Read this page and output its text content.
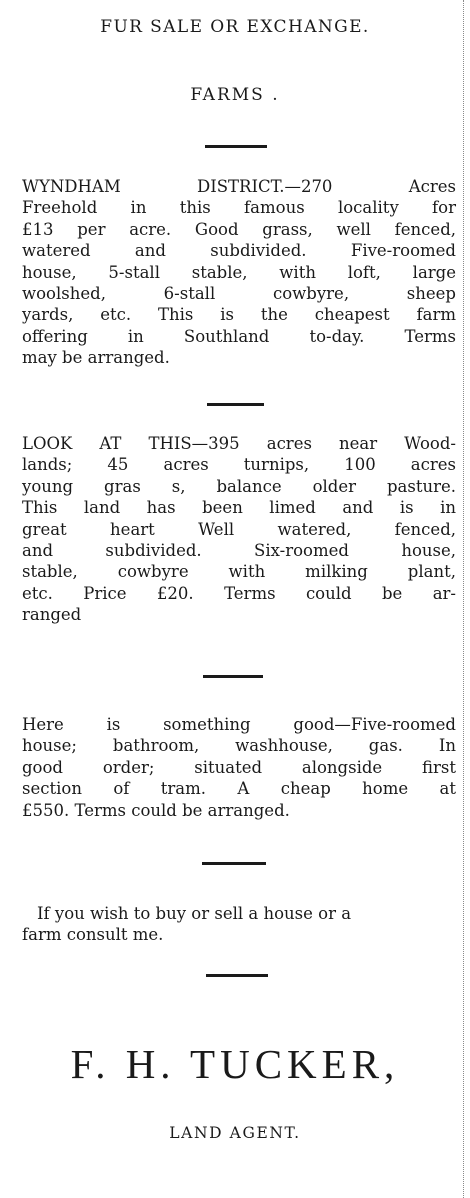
FUR SALE OR EXCHANGE.
FARMS .
WYNDHAM DISTRICT.—270 Acres
Freehold in this famous locality for
£13 per acre. Good grass, well fenced,
watered and subdivided. Five-roomed
house, 5-stall stable, with loft, large
woolshed, 6-stall cowbyre, sheep
yards, etc. This is the cheapest farm
offering in Southland to-day. Terms
may be arranged.
LOOK AT THIS—395 acres near Wood-
lands; 45 acres turnips, 100 acres
young gras s, balance older pasture.
This land has been limed and is in
great heart Well watered, fenced,
and subdivided. Six-roomed house,
stable, cowbyre with milking plant,
etc. Price £20. Terms could be ar-
ranged
Here is something good—Five-roomed
house; bathroom, washhouse, gas. In
good order; situated alongside first
section of tram. A cheap home at
£550. Terms could be arranged.
If you wish to buy or sell a house or a
farm consult me.
F. H. TUCKER,
LAND AGENT.
